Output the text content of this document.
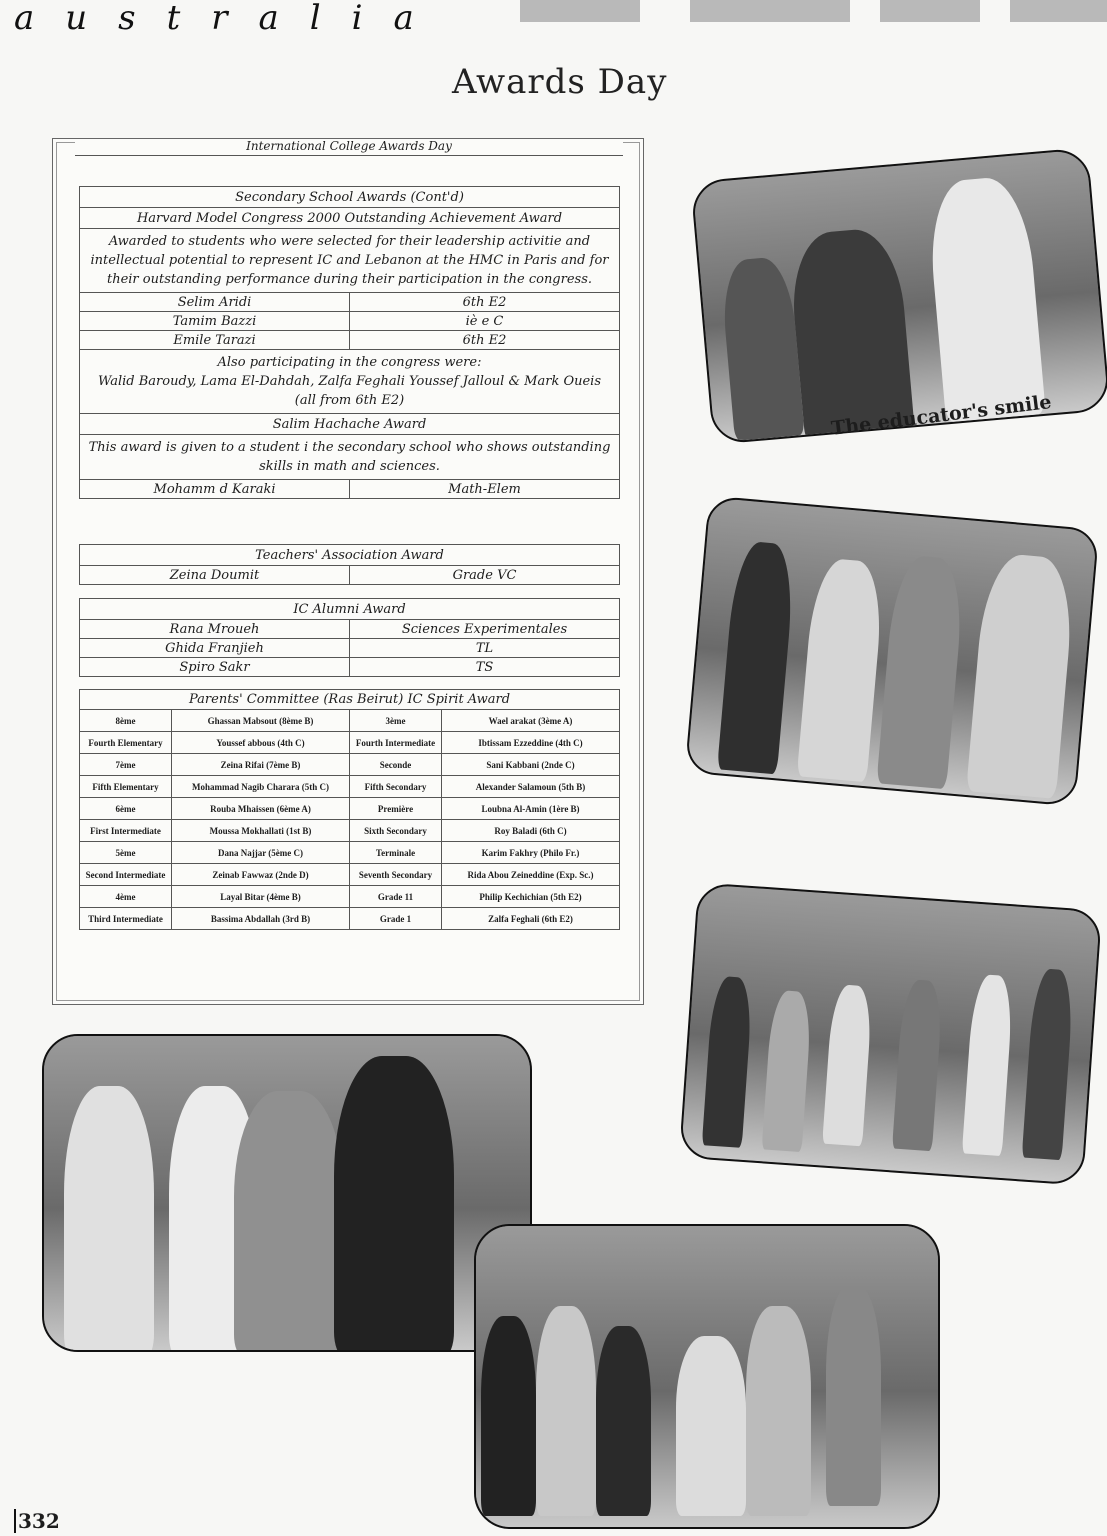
australia
Awards Day
International College Awards Day
Secondary School Awards (Cont'd)	
Harvard Model Congress 2000 Outstanding Achievement Award	
Awarded to students who were selected for their leadership activitie and intellectual potential to represent IC and Lebanon at the HMC in Paris and for their outstanding performance during their participation in the congress.	
Selim Aridi	6th E2
Tamim Bazzi	iè e C
Emile Tarazi	6th E2

Also participating in the congress were:
Walid Baroudy, Lama El-Dahdah, Zalfa Feghali Youssef Jalloul & Mark Oueis (all from 6th E2)	

Salim Hachache Award	
This award is given to a student i the secondary school who shows outstanding skills in math and sciences.	
Mohamm d Karaki	Math-Elem
Teachers' Association Award
Zeina Doumit	Grade VC
IC Alumni Award	
Rana Mroueh	Sciences Experimentales
Ghida Franjieh	TL
Spiro Sakr	TS
Parents' Committee (Ras Beirut) IC Spirit Award			
8ème	Ghassan Mabsout (8ème B)	3ème	Wael arakat (3ème A)
Fourth Elementary	Youssef abbous (4th C)	Fourth Intermediate	Ibtissam Ezzeddine (4th C)
7ème	Zeina Rifai (7ème B)	Seconde	Sani Kabbani (2nde C)
Fifth Elementary	Mohammad Nagib Charara (5th C)	Fifth Secondary	Alexander Salamoun (5th B)
6ème	Rouba Mhaissen (6ème A)	Première	Loubna Al-Amin (1ère B)
First Intermediate	Moussa Mokhallati (1st B)	Sixth Secondary	Roy Baladi (6th C)
5ème	Dana Najjar (5ème C)	Terminale	Karim Fakhry (Philo Fr.)
Second Intermediate	Zeinab Fawwaz (2nde D)	Seventh Secondary	Rida Abou Zeineddine (Exp. Sc.)
4ème	Layal Bitar (4ème B)	Grade 11	Philip Kechichian (5th E2)
Third Intermediate	Bassima Abdallah (3rd B)	Grade 1	Zalfa Feghali (6th E2)
The educator's smile
332
